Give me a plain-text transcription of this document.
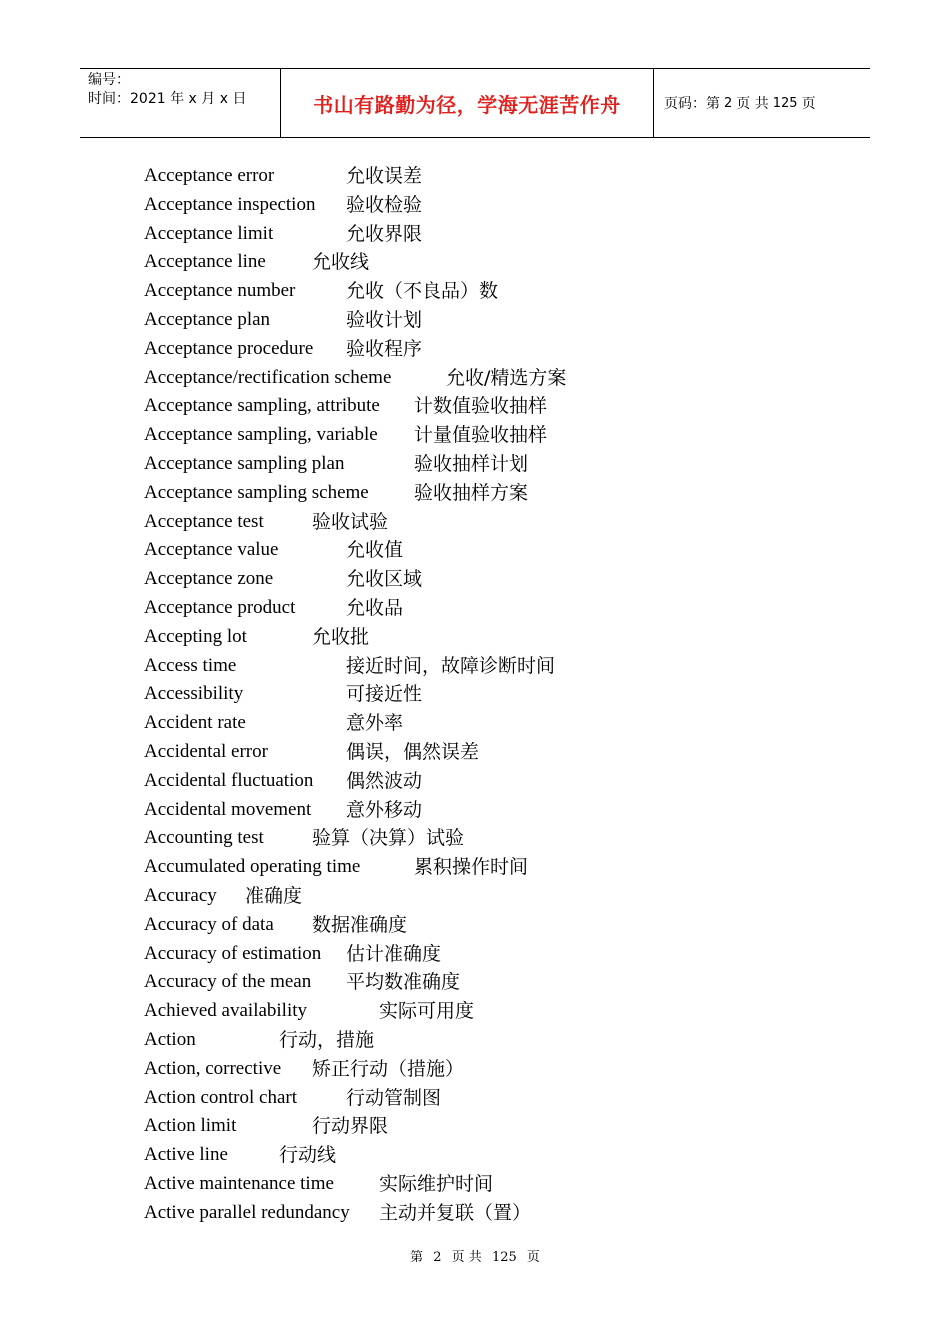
编号：
时间：2021 年 x 月 x 日	书山有路勤为径，学海无涯苦作舟	页码：第 2 页 共 125 页
Acceptance error	允收误差
Acceptance inspection 验收检验
Acceptance limit	允收界限
Acceptance line 允收线
Acceptance number	允收（不良品）数
Acceptance plan	验收计划
Acceptance procedure 验收程序
Acceptance/rectification scheme	允收/精选方案
Acceptance sampling, attribute 计数值验收抽样
Acceptance sampling, variable 计量值验收抽样
Acceptance sampling plan	验收抽样计划
Acceptance sampling scheme 验收抽样方案
Acceptance test	验收试验
Acceptance value	允收值
Acceptance zone	允收区域
Acceptance product	允收品
Accepting lot	允收批
Access time	接近时间，故障诊断时间
Accessibility	可接近性
Accident rate	意外率
Accidental error	偶误，偶然误差
Accidental fluctuation 偶然波动
Accidental movement 意外移动
Accounting test	验算（决算）试验
Accumulated operating time	累积操作时间
Accuracy 准确度
Accuracy of data 数据准确度
Accuracy of estimation 估计准确度
Accuracy of the mean 平均数准确度
Achieved availability	实际可用度
Action	行动，措施
Action, corrective 矫正行动（措施）
Action control chart	行动管制图
Action limit	行动界限
Active line	行动线
Active maintenance time 实际维护时间
Active parallel redundancy 主动并复联（置）
第 2 页 共 125 页
